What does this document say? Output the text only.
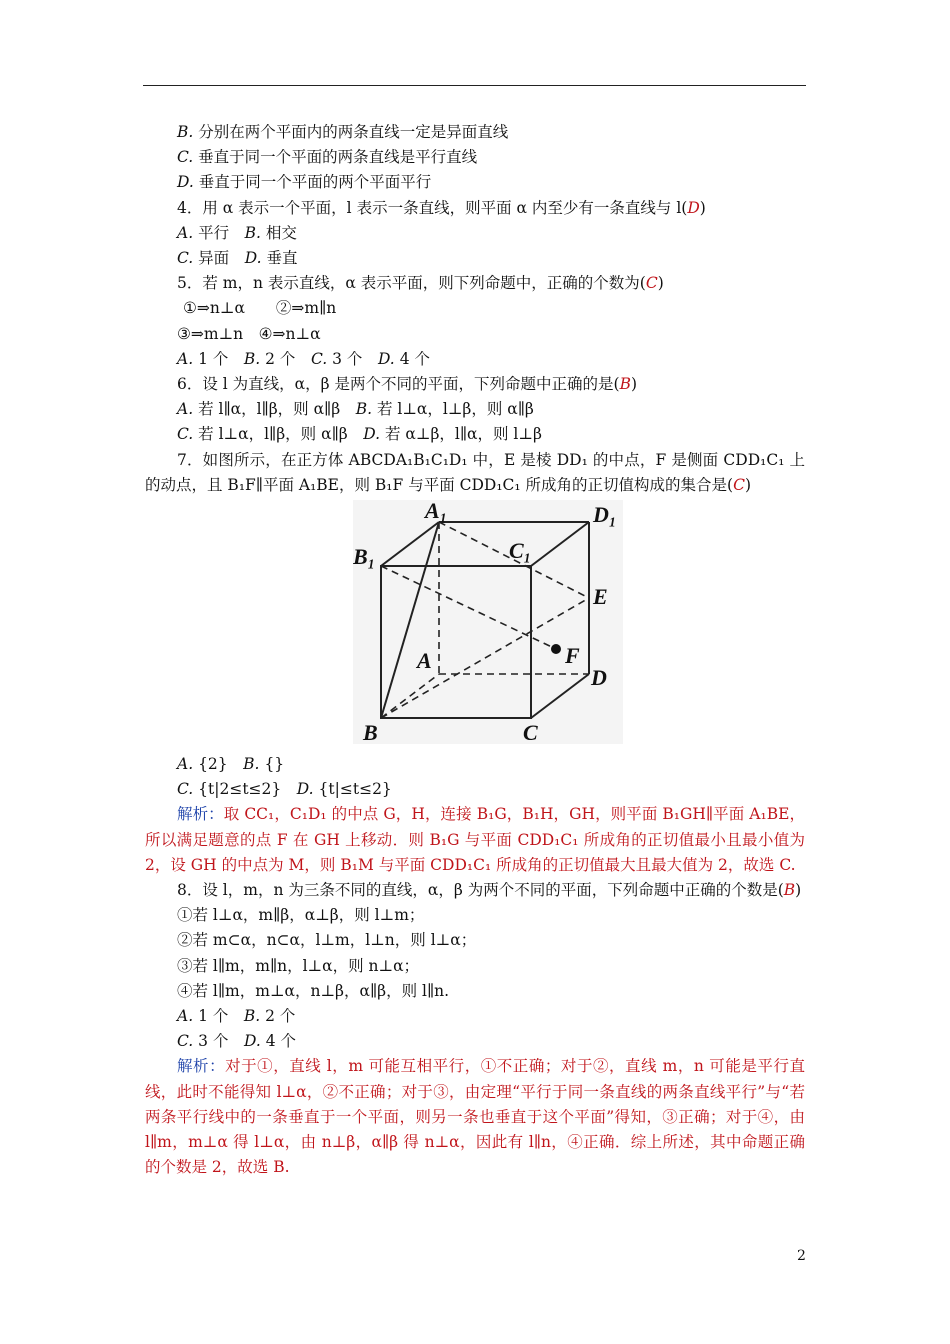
B. 分别在两个平面内的两条直线一定是异面直线
C. 垂直于同一个平面的两条直线是平行直线
D. 垂直于同一个平面的两个平面平行
4．用 α 表示一个平面，l 表示一条直线，则平面 α 内至少有一条直线与 l(D)
A. 平行　 B. 相交
C. 异面　 D. 垂直
5．若 m，n 表示直线，α 表示平面，则下列命题中，正确的个数为(C)
①⇒n⊥α　　②⇒m∥n
③⇒m⊥n　④⇒n⊥α
A. 1 个　 B. 2 个　 C. 3 个　 D. 4 个
6．设 l 为直线，α，β 是两个不同的平面，下列命题中正确的是(B)
A. 若 l∥α，l∥β，则 α∥β　 B. 若 l⊥α，l⊥β，则 α∥β
C. 若 l⊥α，l∥β，则 α∥β　 D. 若 α⊥β，l∥α，则 l⊥β
7．如图所示，在正方体 ABCDA₁B₁C₁D₁ 中，E 是棱 DD₁ 的中点，F 是侧面 CDD₁C₁ 上的动点，且 B₁F∥平面 A₁BE，则 B₁F 与平面 CDD₁C₁ 所成角的正切值构成的集合是(C)
A₁	D₁
B₁	C₁
E
F
A
D
B	C
A. {2}　 B. {}
C. {t|2≤t≤2}　 D. {t|≤t≤2}
解析：取 CC₁，C₁D₁ 的中点 G，H，连接 B₁G，B₁H，GH，则平面 B₁GH∥平面 A₁BE，所以满足题意的点 F 在 GH 上移动．则 B₁G 与平面 CDD₁C₁ 所成角的正切值最小且最小值为 2，设 GH 的中点为 M，则 B₁M 与平面 CDD₁C₁ 所成角的正切值最大且最大值为 2，故选 C.
8．设 l，m，n 为三条不同的直线，α，β 为两个不同的平面，下列命题中正确的个数是(B)
①若 l⊥α，m∥β，α⊥β，则 l⊥m；
②若 m⊂α，n⊂α，l⊥m，l⊥n，则 l⊥α；
③若 l∥m，m∥n，l⊥α，则 n⊥α；
④若 l∥m，m⊥α，n⊥β，α∥β，则 l∥n.
A. 1 个　 B. 2 个
C. 3 个　 D. 4 个
解析：对于①，直线 l，m 可能互相平行，①不正确；对于②，直线 m，n 可能是平行直线，此时不能得知 l⊥α，②不正确；对于③，由定理“平行于同一条直线的两条直线平行”与“若两条平行线中的一条垂直于一个平面，则另一条也垂直于这个平面”得知，③正确；对于④，由 l∥m，m⊥α 得 l⊥α，由 n⊥β，α∥β 得 n⊥α，因此有 l∥n，④正确．综上所述，其中命题正确的个数是 2，故选 B.
2
